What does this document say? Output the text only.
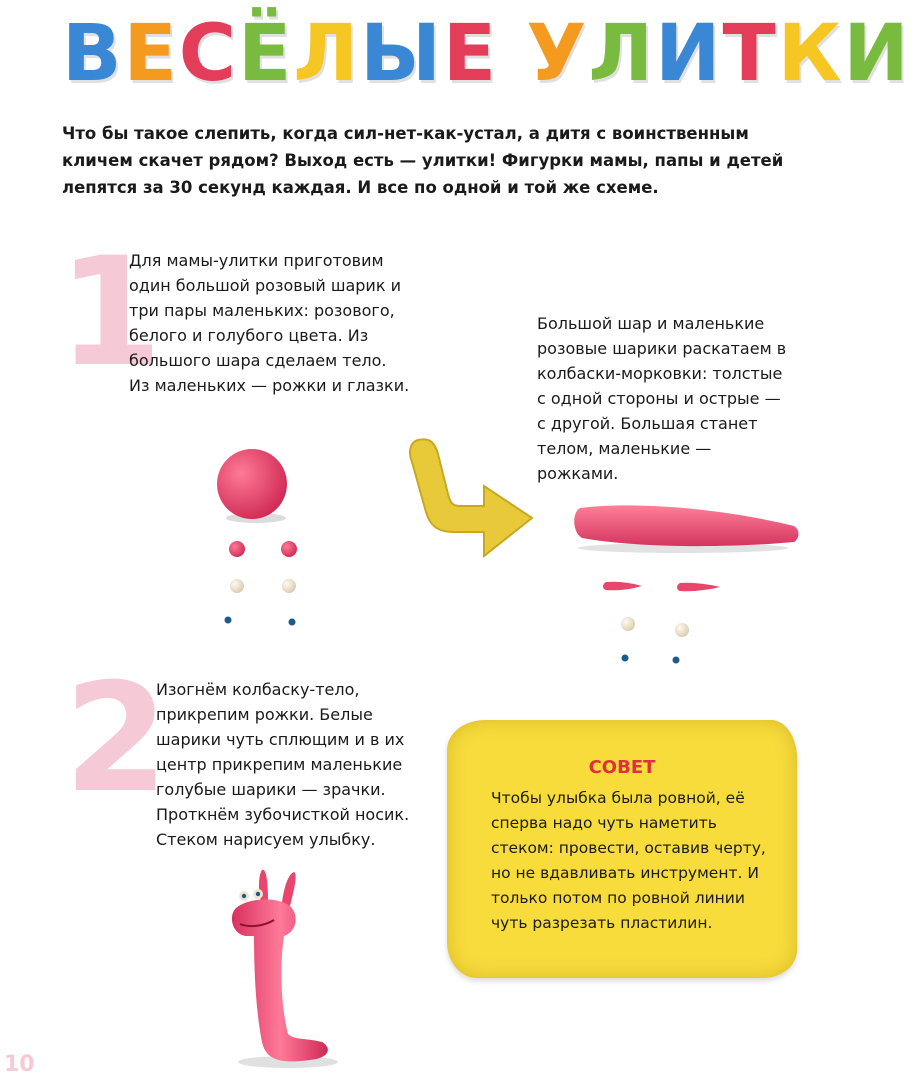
В Е С Ё Л Ы Е
У Л И Т К И
Что бы такое слепить, когда сил-нет-как-устал, а дитя с воинственным кличем скачет рядом? Выход есть — улитки! Фигурки мамы, папы и детей лепятся за 30 секунд каждая. И все по одной и той же схеме.
1
Для мамы-улитки приготовим один большой розовый шарик и три пары маленьких: розового, белого и голубого цвета. Из большого шара сделаем тело. Из маленьких — рожки и глазки.
Большой шар и маленькие розовые шарики раскатаем в колбаски-морковки: толстые с одной стороны и острые — с другой. Большая станет телом, маленькие — рожками.
2
Изогнём колбаску-тело, прикрепим рожки. Белые шарики чуть сплющим и в их центр прикрепим маленькие голубые шарики — зрачки. Проткнём зубочисткой носик. Стеком нарисуем улыбку.
СОВЕТ
Чтобы улыбка была ровной, её сперва надо чуть наметить стеком: провести, оставив черту, но не вдавливать инструмент. И только потом по ровной линии чуть разрезать пластилин.
10
